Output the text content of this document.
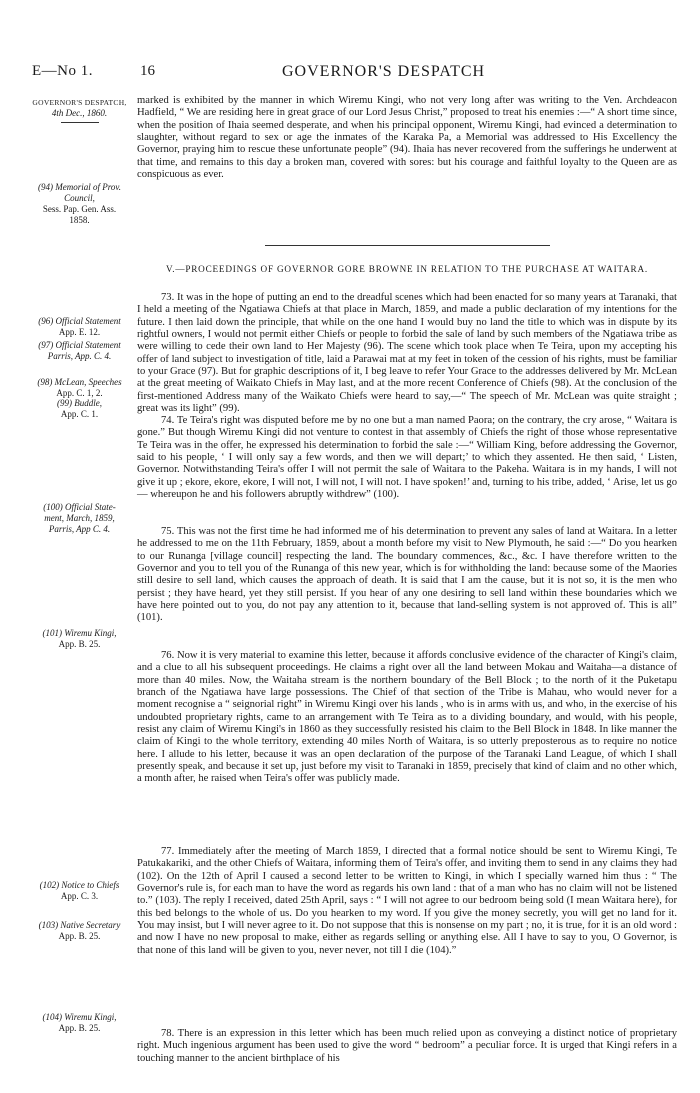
E—No 1.	16	GOVERNOR'S DESPATCH
GOVERNOR'S DESPATCH,
4th Dec., 1860.
(94) Memorial of Prov.
Council,
Sess. Pap. Gen. Ass.
1858.
(96) Official Statement
App. E. 12.
(97) Official Statement
Parris, App. C. 4.
(98) McLean, Speeches
App. C. 1, 2.
(99) Buddle,
App. C. 1.
(100) Official State-
ment, March, 1859,
Parris, App C. 4.
(101) Wiremu Kingi,
App. B. 25.
(102) Notice to Chiefs
App. C. 3.
(103) Native Secretary
App. B. 25.
(104) Wiremu Kingi,
App. B. 25.

marked is exhibited by the manner in which Wiremu Kingi, who not very long after was writing to the Ven. Archdeacon Hadfield, “ We are residing here in great grace of our Lord Jesus Christ,” proposed to treat his enemies :—“ A short time since, when the position of Ihaia seemed desperate, and when his principal opponent, Wiremu Kingi, had evinced a determination to slaughter, without regard to sex or age the inmates of the Karaka Pa, a Memorial was addressed to His Excellency the Governor, praying him to rescue these unfortunate people” (94). Ihaia has never recovered from the sufferings he underwent at that time, and remains to this day a broken man, covered with sores: but his courage and faithful loyalty to the Queen are as conspicuous as ever.

V.—PROCEEDINGS OF GOVERNOR GORE BROWNE IN RELATION TO THE PURCHASE AT WAITARA.

73. It was in the hope of putting an end to the dreadful scenes which had been enacted for so many years at Taranaki, that I held a meeting of the Ngatiawa Chiefs at that place in March, 1859, and made a public declaration of my intentions for the future. I then laid down the principle, that while on the one hand I would buy no land the title to which was in dispute by its rightful owners, I would not permit either Chiefs or people to forbid the sale of land by such members of the Ngatiawa tribe as were willing to cede their own land to Her Majesty (96). The scene which took place when Te Teira, upon my accepting his offer of land subject to investigation of title, laid a Parawai mat at my feet in token of the cession of his rights, must be familiar to your Grace (97). But for graphic descriptions of it, I beg leave to refer Your Grace to the addresses delivered by Mr. McLean at the great meeting of Waikato Chiefs in May last, and at the more recent Conference of Chiefs (98). At the conclusion of the first-mentioned Address many of the Waikato Chiefs were heard to say,—“ The speech of Mr. McLean was quite straight ; great was its light” (99).

74. Te Teira's right was disputed before me by no one but a man named Paora; on the contrary, the cry arose, “ Waitara is gone.” But though Wiremu Kingi did not venture to contest in that assembly of Chiefs the right of those whose representative Te Teira was in the offer, he expressed his determination to forbid the sale :—“ William King, before addressing the Governor, said to his people, ‘ I will only say a few words, and then we will depart;’ to which they assented. He then said, ‘ Listen, Governor. Notwithstanding Teira's offer I will not permit the sale of Waitara to the Pakeha. Waitara is in my hands, I will not give it up ; ekore, ekore, ekore, I will not, I will not, I will not. I have spoken!’ and, turning to his tribe, added, ‘ Arise, let us go— whereupon he and his followers abruptly withdrew” (100).

75. This was not the first time he had informed me of his determination to prevent any sales of land at Waitara. In a letter he addressed to me on the 11th February, 1859, about a month before my visit to New Plymouth, he said :—“ Do you hearken to our Runanga [village council] respecting the land. The boundary commences, &c., &c. I have therefore written to the Governor and you to tell you of the Runanga of this new year, which is for withholding the land: because some of the Maories still desire to sell land, which causes the approach of death. It is said that I am the cause, but it is not so, it is the men who persist ; they have heard, yet they still persist. If you hear of any one desiring to sell land within these boundaries which we have here pointed out to you, do not pay any attention to it, because that land-selling system is not approved of. This is all” (101).

76. Now it is very material to examine this letter, because it affords conclusive evidence of the character of Kingi's claim, and a clue to all his subsequent proceedings. He claims a right over all the land between Mokau and Waitaha—a distance of more than 40 miles. Now, the Waitaha stream is the northern boundary of the Bell Block ; to the north of it the Puketapu branch of the Ngatiawa have large possessions. The Chief of that section of the Tribe is Mahau, who would never for a moment recognise a “ seignorial right” in Wiremu Kingi over his lands , who is in arms with us, and who, in the exercise of his undoubted proprietary rights, came to an arrangement with Te Teira as to a dividing boundary, and would, with his people, resist any claim of Wiremu Kingi's in 1860 as they successfully resisted his claim to the Bell Block in 1848. In like manner the claim of Kingi to the whole territory, extending 40 miles North of Waitara, is so utterly preposterous as to require no notice here. I allude to his letter, because it was an open declaration of the purpose of the Taranaki Land League, of which I shall presently speak, and because it set up, just before my visit to Taranaki in 1859, precisely that kind of claim and no other which, a month after, he raised when Teira's offer was publicly made.

77. Immediately after the meeting of March 1859, I directed that a formal notice should be sent to Wiremu Kingi, Te Patukakariki, and the other Chiefs of Waitara, informing them of Teira's offer, and inviting them to send in any claims they had (102). On the 12th of April I caused a second letter to be written to Kingi, in which I specially warned him thus : “ The Governor's rule is, for each man to have the word as regards his own land : that of a man who has no claim will not be listened to.” (103). The reply I received, dated 25th April, says : “ I will not agree to our bedroom being sold (I mean Waitara here), for this bed belongs to the whole of us. Do you hearken to my word. If you give the money secretly, you will get no land for it. You may insist, but I will never agree to it. Do not suppose that this is nonsense on my part ; no, it is true, for it is an old word : and now I have no new proposal to make, either as regards selling or anything else. All I have to say to you, O Governor, is that none of this land will be given to you, never never, not till I die (104).”

78. There is an expression in this letter which has been much relied upon as conveying a distinct notice of proprietary right. Much ingenious argument has been used to give the word “ bedroom” a peculiar force. It is urged that Kingi refers in a touching manner to the ancient birthplace of his
